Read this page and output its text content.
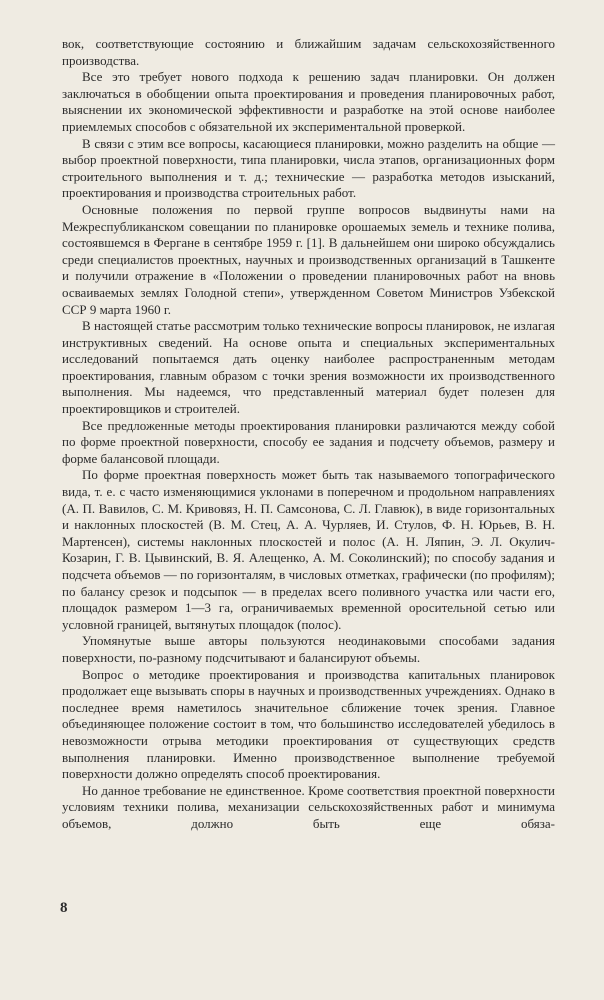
вок, соответствующие состоянию и ближайшим задачам сельскохозяйственного производства.

Все это требует нового подхода к решению задач планировки. Он должен заключаться в обобщении опыта проектирования и проведения планировочных работ, выяснении их экономической эффективности и разработке на этой основе наиболее приемлемых способов с обязательной их экспериментальной проверкой.

В связи с этим все вопросы, касающиеся планировки, можно разделить на общие — выбор проектной поверхности, типа планировки, числа этапов, организационных форм строительного выполнения и т. д.; технические — разработка методов изысканий, проектирования и производства строительных работ.

Основные положения по первой группе вопросов выдвинуты нами на Межреспубликанском совещании по планировке орошаемых земель и технике полива, состоявшемся в Фергане в сентябре 1959 г. [1]. В дальнейшем они широко обсуждались среди специалистов проектных, научных и производственных организаций в Ташкенте и получили отражение в «Положении о проведении планировочных работ на вновь осваиваемых землях Голодной степи», утвержденном Советом Министров Узбекской ССР 9 марта 1960 г.

В настоящей статье рассмотрим только технические вопросы планировок, не излагая инструктивных сведений. На основе опыта и специальных экспериментальных исследований попытаемся дать оценку наиболее распространенным методам проектирования, главным образом с точки зрения возможности их производственного выполнения. Мы надеемся, что представленный материал будет полезен для проектировщиков и строителей.

Все предложенные методы проектирования планировки различаются между собой по форме проектной поверхности, способу ее задания и подсчету объемов, размеру и форме балансовой площади.

По форме проектная поверхность может быть так называемого топографического вида, т. е. с часто изменяющимися уклонами в поперечном и продольном направлениях (А. П. Вавилов, С. М. Кривовяз, Н. П. Самсонова, С. Л. Главюк), в виде горизонтальных и наклонных плоскостей (В. М. Стец, А. А. Чурляев, И. Стулов, Ф. Н. Юрьев, В. Н. Мартенсен), системы наклонных плоскостей и полос (А. Н. Ляпин, Э. Л. Окулич-Козарин, Г. В. Цывинский, В. Я. Алещенко, А. М. Соколинский); по способу задания и подсчета объемов — по горизонталям, в числовых отметках, графически (по профилям); по балансу срезок и подсыпок — в пределах всего поливного участка или части его, площадок размером 1—3 га, ограничиваемых временной оросительной сетью или условной границей, вытянутых площадок (полос).

Упомянутые выше авторы пользуются неодинаковыми способами задания поверхности, по-разному подсчитывают и балансируют объемы.

Вопрос о методике проектирования и производства капитальных планировок продолжает еще вызывать споры в научных и производственных учреждениях. Однако в последнее время наметилось значительное сближение точек зрения. Главное объединяющее положение состоит в том, что большинство исследователей убедилось в невозможности отрыва методики проектирования от существующих средств выполнения планировки. Именно производственное выполнение требуемой поверхности должно определять способ проектирования.

Но данное требование не единственное. Кроме соответствия проектной поверхности условиям техники полива, механизации сельскохозяйственных работ и минимума объемов, должно быть еще обяза-

8
